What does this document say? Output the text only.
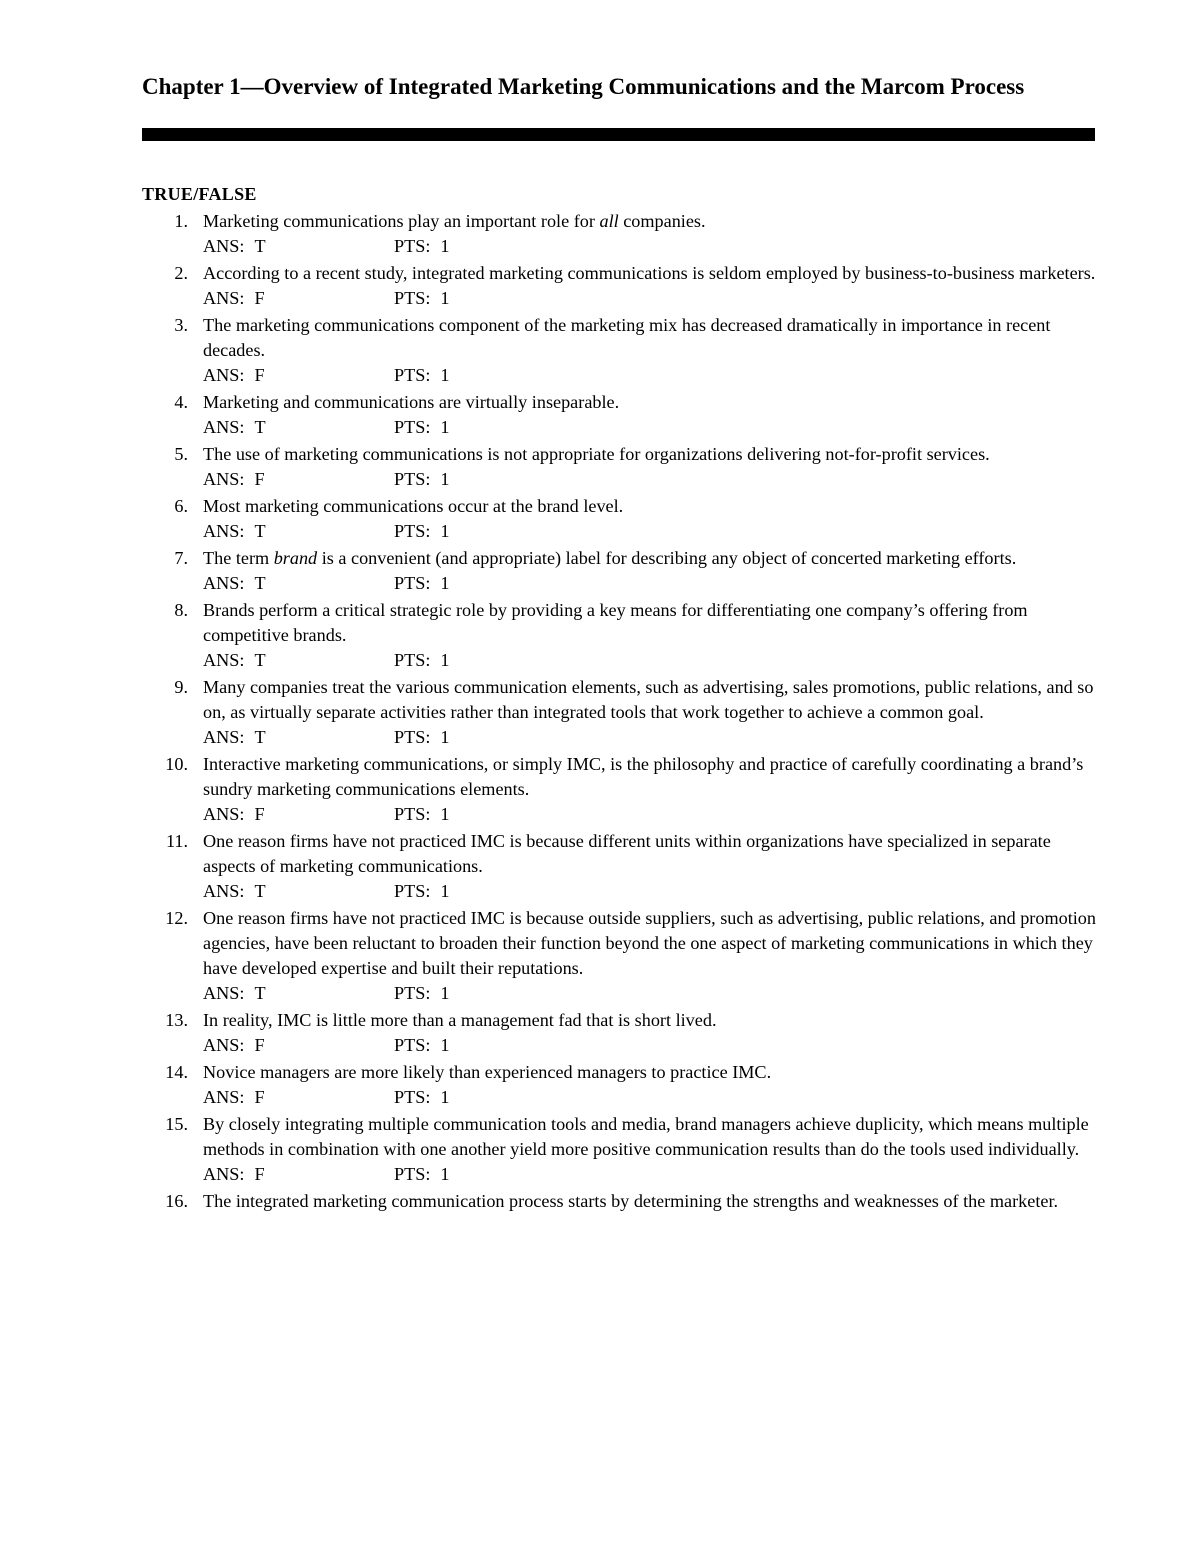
Chapter 1—Overview of Integrated Marketing Communications and the Marcom Process
TRUE/FALSE
1. Marketing communications play an important role for all companies.
ANS: T	PTS: 1
2. According to a recent study, integrated marketing communications is seldom employed by business-to-business marketers.
ANS: F	PTS: 1
3. The marketing communications component of the marketing mix has decreased dramatically in importance in recent decades.
ANS: F	PTS: 1
4. Marketing and communications are virtually inseparable.
ANS: T	PTS: 1
5. The use of marketing communications is not appropriate for organizations delivering not-for-profit services.
ANS: F	PTS: 1
6. Most marketing communications occur at the brand level.
ANS: T	PTS: 1
7. The term brand is a convenient (and appropriate) label for describing any object of concerted marketing efforts.
ANS: T	PTS: 1
8. Brands perform a critical strategic role by providing a key means for differentiating one company’s offering from competitive brands.
ANS: T	PTS: 1
9. Many companies treat the various communication elements, such as advertising, sales promotions, public relations, and so on, as virtually separate activities rather than integrated tools that work together to achieve a common goal.
ANS: T	PTS: 1
10. Interactive marketing communications, or simply IMC, is the philosophy and practice of carefully coordinating a brand’s sundry marketing communications elements.
ANS: F	PTS: 1
11. One reason firms have not practiced IMC is because different units within organizations have specialized in separate aspects of marketing communications.
ANS: T	PTS: 1
12. One reason firms have not practiced IMC is because outside suppliers, such as advertising, public relations, and promotion agencies, have been reluctant to broaden their function beyond the one aspect of marketing communications in which they have developed expertise and built their reputations.
ANS: T	PTS: 1
13. In reality, IMC is little more than a management fad that is short lived.
ANS: F	PTS: 1
14. Novice managers are more likely than experienced managers to practice IMC.
ANS: F	PTS: 1
15. By closely integrating multiple communication tools and media, brand managers achieve duplicity, which means multiple methods in combination with one another yield more positive communication results than do the tools used individually.
ANS: F	PTS: 1
16. The integrated marketing communication process starts by determining the strengths and weaknesses of the marketer.
